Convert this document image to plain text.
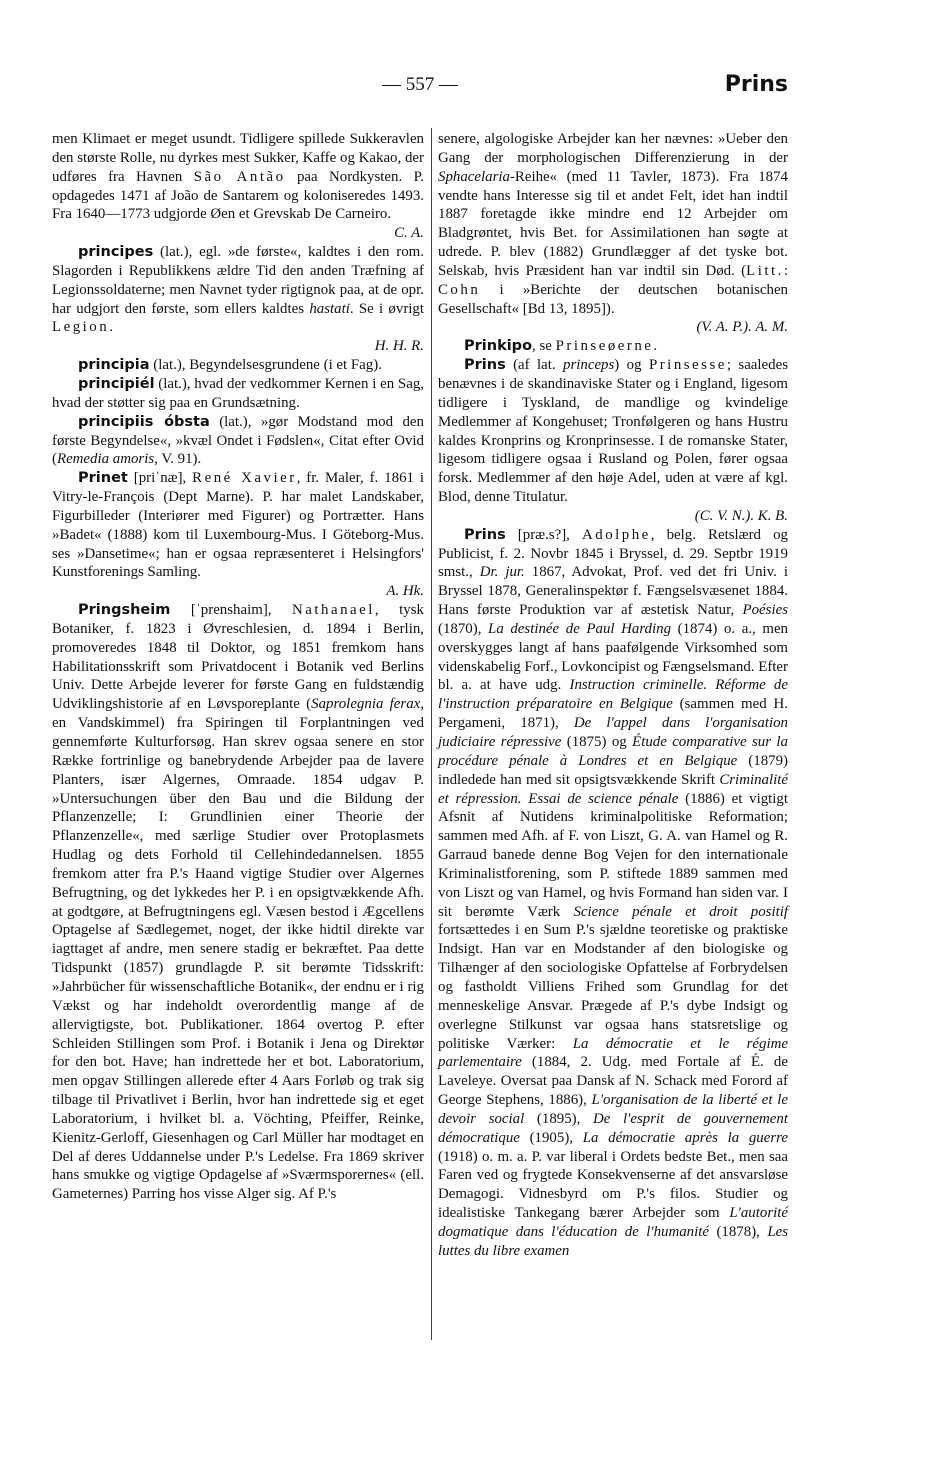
— 557 —	Prins

men Klimaet er meget usundt. Tidligere spillede Sukkeravlen den største Rolle, nu dyrkes mest Sukker, Kaffe og Kakao, der udføres fra Havnen São Antão paa Nordkysten. P. opdagedes 1471 af João de Santarem og koloniseredes 1493. Fra 1640—1773 udgjorde Øen et Grevskab De Carneiro.
C. A.

principes (lat.), egl. »de første«, kaldtes i den rom. Slagorden i Republikkens ældre Tid den anden Træfning af Legionssoldaterne; men Navnet tyder rigtignok paa, at de opr. har udgjort den første, som ellers kaldtes hastati. Se i øvrigt Legion.
H. H. R.

principia (lat.), Begyndelsesgrundene (i et Fag).

principiél (lat.), hvad der vedkommer Kernen i en Sag, hvad der støtter sig paa en Grundsætning.

principiis óbsta (lat.), »gør Modstand mod den første Begyndelse«, »kvæl Ondet i Fødslen«, Citat efter Ovid (Remedia amoris, V. 91).

Prinet [priˈnæ], René Xavier, fr. Maler, f. 1861 i Vitry-le-François (Dept Marne). P. har malet Landskaber, Figurbilleder (Interiører med Figurer) og Portrætter. Hans »Badet« (1888) kom til Luxembourg-Mus. I Göteborg-Mus. ses »Dansetime«; han er ogsaa repræsenteret i Helsingfors' Kunstforenings Samling.
A. Hk.

Pringsheim [ˈprenshaim], Nathanael, tysk Botaniker, f. 1823 i Øvreschlesien, d. 1894 i Berlin, promoveredes 1848 til Doktor, og 1851 fremkom hans Habilitationsskrift som Privatdocent i Botanik ved Berlins Univ. Dette Arbejde leverer for første Gang en fuldstændig Udviklingshistorie af en Løvsporeplante (Saprolegnia ferax, en Vandskimmel) fra Spiringen til Forplantningen ved gennemførte Kulturforsøg. Han skrev ogsaa senere en stor Række fortrinlige og banebrydende Arbejder paa de lavere Planters, især Algernes, Omraade. 1854 udgav P. »Untersuchungen über den Bau und die Bildung der Pflanzenzelle; I: Grundlinien einer Theorie der Pflanzenzelle«, med særlige Studier over Protoplasmets Hudlag og dets Forhold til Cellehindedannelsen. 1855 fremkom atter fra P.'s Haand vigtige Studier over Algernes Befrugtning, og det lykkedes her P. i en opsigtvækkende Afh. at godtgøre, at Befrugtningens egl. Væsen bestod i Ægcellens Optagelse af Sædlegemet, noget, der ikke hidtil direkte var iagttaget af andre, men senere stadig er bekræftet. Paa dette Tidspunkt (1857) grundlagde P. sit berømte Tidsskrift: »Jahrbücher für wissenschaftliche Botanik«, der endnu er i rig Vækst og har indeholdt overordentlig mange af de allervigtigste, bot. Publikationer. 1864 overtog P. efter Schleiden Stillingen som Prof. i Botanik i Jena og Direktør for den bot. Have; han indrettede her et bot. Laboratorium, men opgav Stillingen allerede efter 4 Aars Forløb og trak sig tilbage til Privatlivet i Berlin, hvor han indrettede sig et eget Laboratorium, i hvilket bl. a. Vöchting, Pfeiffer, Reinke, Kienitz-Gerloff, Giesenhagen og Carl Müller har modtaget en Del af deres Uddannelse under P.'s Ledelse. Fra 1869 skriver hans smukke og vigtige Opdagelse af »Sværmsporernes« (ell. Gameternes) Parring hos visse Alger sig. Af P.'s

senere, algologiske Arbejder kan her nævnes: »Ueber den Gang der morphologischen Differenzierung in der Sphacelaria-Reihe« (med 11 Tavler, 1873). Fra 1874 vendte hans Interesse sig til et andet Felt, idet han indtil 1887 foretagde ikke mindre end 12 Arbejder om Bladgrøntet, hvis Bet. for Assimilationen han søgte at udrede. P. blev (1882) Grundlægger af det tyske bot. Selskab, hvis Præsident han var indtil sin Død. (Litt.: Cohn i »Berichte der deutschen botanischen Gesellschaft« [Bd 13, 1895]).
(V. A. P.). A. M.

Prinkipo, se Prinseøerne.

Prins (af lat. princeps) og Prinsesse; saaledes benævnes i de skandinaviske Stater og i England, ligesom tidligere i Tyskland, de mandlige og kvindelige Medlemmer af Kongehuset; Tronfølgeren og hans Hustru kaldes Kronprins og Kronprinsesse. I de romanske Stater, ligesom tidligere ogsaa i Rusland og Polen, fører ogsaa forsk. Medlemmer af den høje Adel, uden at være af kgl. Blod, denne Titulatur.
(C. V. N.). K. B.

Prins [præ.s?], Adolphe, belg. Retslærd og Publicist, f. 2. Novbr 1845 i Bryssel, d. 29. Septbr 1919 smst., Dr. jur. 1867, Advokat, Prof. ved det fri Univ. i Bryssel 1878, Generalinspektør f. Fængselsvæsenet 1884. Hans første Produktion var af æstetisk Natur, Poésies (1870), La destinée de Paul Harding (1874) o. a., men overskygges langt af hans paafølgende Virksomhed som videnskabelig Forf., Lovkoncipist og Fængselsmand. Efter bl. a. at have udg. Instruction criminelle. Réforme de l'instruction préparatoire en Belgique (sammen med H. Pergameni, 1871), De l'appel dans l'organisation judiciaire répressive (1875) og Étude comparative sur la procédure pénale à Londres et en Belgique (1879) indledede han med sit opsigtsvækkende Skrift Criminalité et répression. Essai de science pénale (1886) et vigtigt Afsnit af Nutidens kriminalpolitiske Reformation; sammen med Afh. af F. von Liszt, G. A. van Hamel og R. Garraud banede denne Bog Vejen for den internationale Kriminalistforening, som P. stiftede 1889 sammen med von Liszt og van Hamel, og hvis Formand han siden var. I sit berømte Værk Science pénale et droit positif fortsættedes i en Sum P.'s sjældne teoretiske og praktiske Indsigt. Han var en Modstander af den biologiske og Tilhænger af den sociologiske Opfattelse af Forbrydelsen og fastholdt Villiens Frihed som Grundlag for det menneskelige Ansvar. Prægede af P.'s dybe Indsigt og overlegne Stilkunst var ogsaa hans statsretslige og politiske Værker: La démocratie et le régime parlementaire (1884, 2. Udg. med Fortale af É. de Laveleye. Oversat paa Dansk af N. Schack med Forord af George Stephens, 1886), L'organisation de la liberté et le devoir social (1895), De l'esprit de gouvernement démocratique (1905), La démocratie après la guerre (1918) o. m. a. P. var liberal i Ordets bedste Bet., men saa Faren ved og frygtede Konsekvenserne af det ansvarsløse Demagogi. Vidnesbyrd om P.'s filos. Studier og idealistiske Tankegang bærer Arbejder som L'autorité dogmatique dans l'éducation de l'humanité (1878), Les luttes du libre examen
